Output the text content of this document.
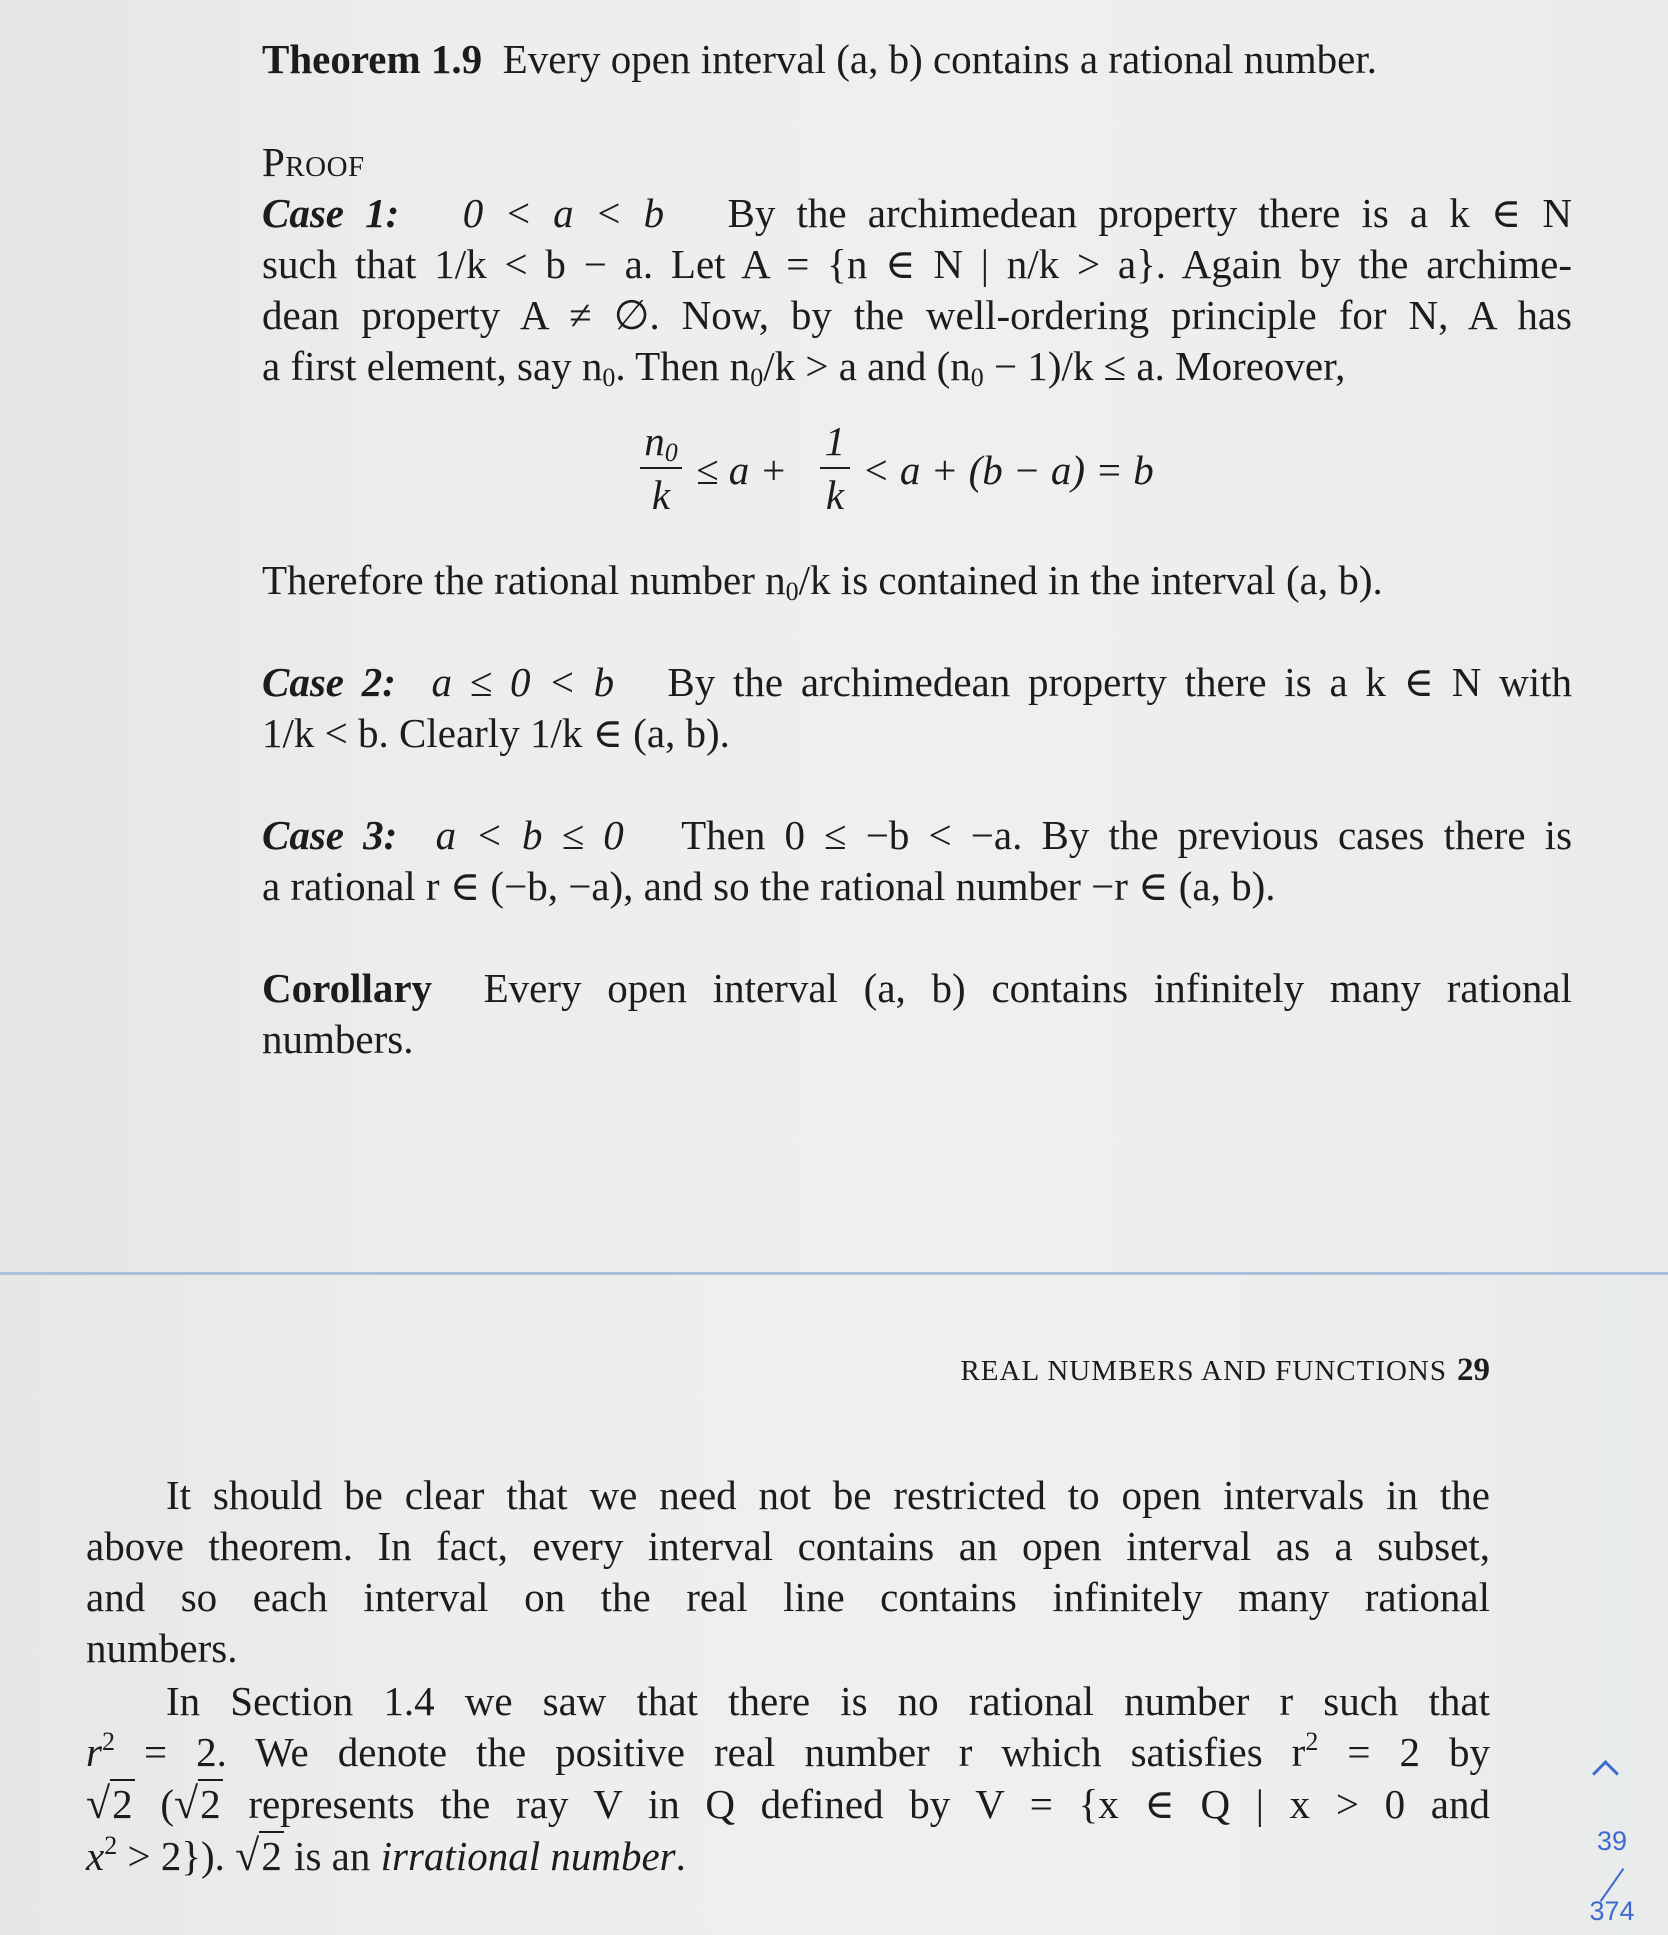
Theorem 1.9 Every open interval (a, b) contains a rational number.

Proof

Case 1: 0 < a < b By the archimedean property there is a k ∈ N

such that 1/k < b − a. Let A = {n ∈ N | n/k > a}. Again by the archime-

dean property A ≠ ∅. Now, by the well-ordering principle for N, A has

a first element, say $n_0$. Then $n_0/k > a$ and $(n_0 - 1)/k \le a$. Moreover,

$n_0$
k
≤ a +
1
k
< a + (b − a) = b

Therefore the rational number $n_0/k$ is contained in the interval (a, b).

Case 2: a ≤ 0 < b By the archimedean property there is a k ∈ N with

1/k < b. Clearly 1/k ∈ (a, b).

Case 3: a < b ≤ 0 Then 0 ≤ −b < −a. By the previous cases there is

a rational r ∈ (−b, −a), and so the rational number −r ∈ (a, b).

Corollary Every open interval (a, b) contains infinitely many rational numbers.

REAL NUMBERS AND FUNCTIONS 29

It should be clear that we need not be restricted to open intervals in the

above theorem. In fact, every interval contains an open interval as a subset,

and so each interval on the real line contains infinitely many rational

numbers.

In Section 1.4 we saw that there is no rational number r such that

$r^2 = 2$. We denote the positive real number r which satisfies $r^2 = 2$ by

√2 (√2 represents the ray V in Q defined by V = {x ∈ Q | x > 0 and

$x^2 > 2$}). √2 is an irrational number.	39
374
